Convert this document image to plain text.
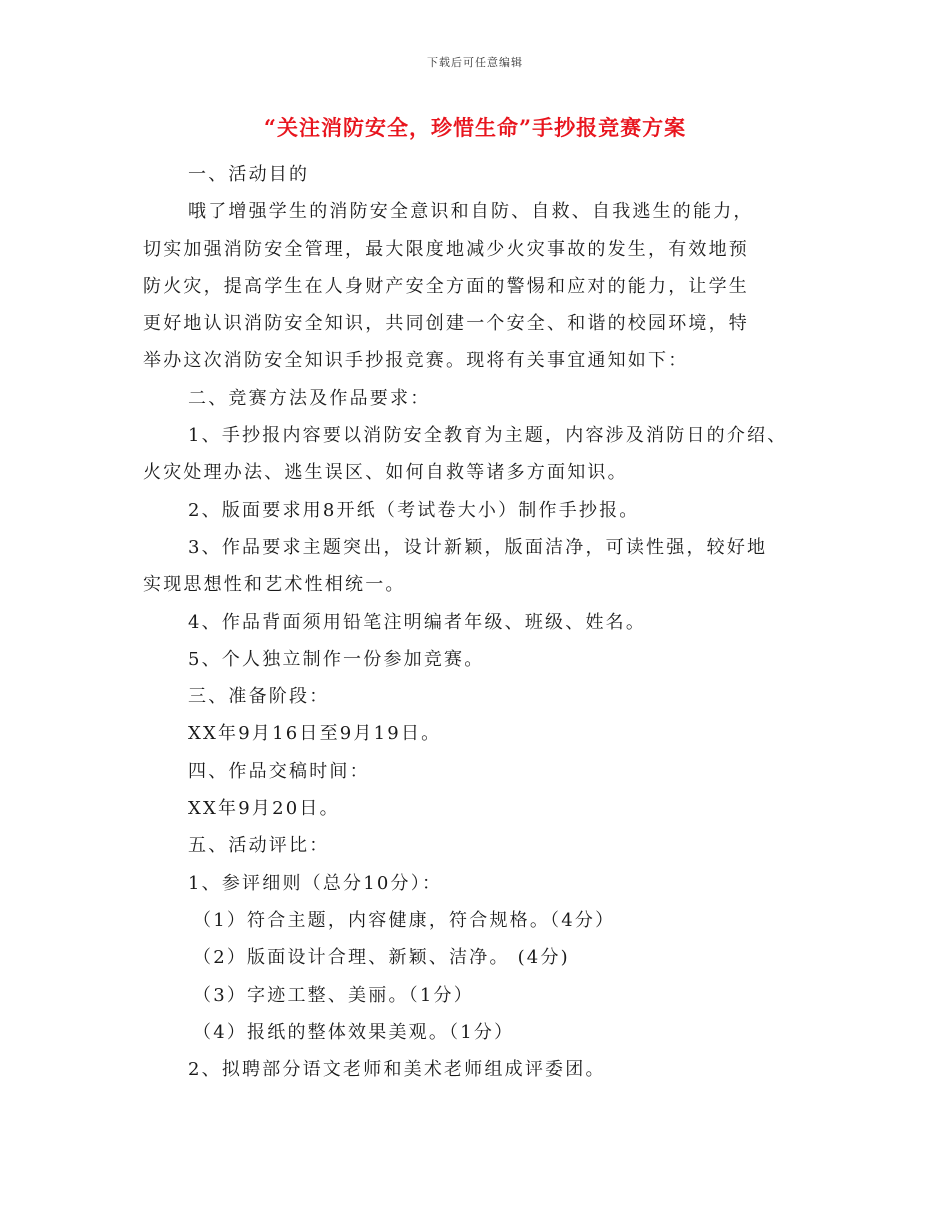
下载后可任意编辑
“关注消防安全，珍惜生命”手抄报竞赛方案
一、活动目的
哦了增强学生的消防安全意识和自防、自救、自我逃生的能力，
切实加强消防安全管理，最大限度地减少火灾事故的发生，有效地预
防火灾，提高学生在人身财产安全方面的警惕和应对的能力，让学生
更好地认识消防安全知识，共同创建一个安全、和谐的校园环境，特
举办这次消防安全知识手抄报竞赛。现将有关事宜通知如下：
二、竞赛方法及作品要求：
1、手抄报内容要以消防安全教育为主题，内容涉及消防日的介绍、
火灾处理办法、逃生误区、如何自救等诸多方面知识。
2、版面要求用8开纸（考试卷大小）制作手抄报。
3、作品要求主题突出，设计新颖，版面洁净，可读性强，较好地
实现思想性和艺术性相统一。
4、作品背面须用铅笔注明编者年级、班级、姓名。
5、个人独立制作一份参加竞赛。
三、准备阶段：
XX年9月16日至9月19日。
四、作品交稿时间：
XX年9月20日。
五、活动评比：
1、参评细则（总分10分）：
（1）符合主题，内容健康，符合规格。（4分）
（2）版面设计合理、新颖、洁净。 (4分)
（3）字迹工整、美丽。（1分）
（4）报纸的整体效果美观。（1分）
2、拟聘部分语文老师和美术老师组成评委团。
